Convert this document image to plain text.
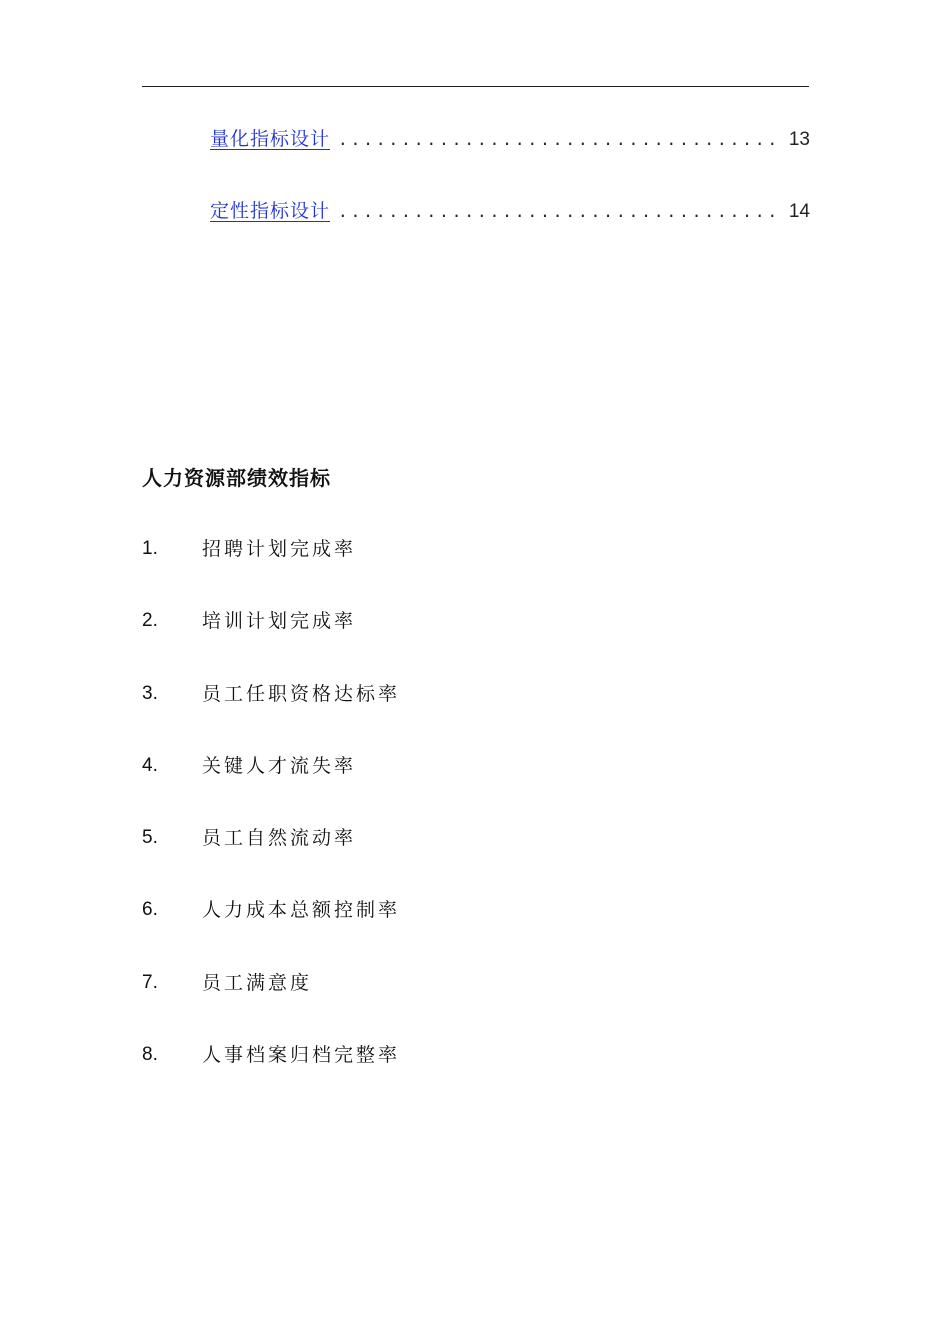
量化指标设计 .....	13
定性指标设计 .....	14
人力资源部绩效指标
1.	招聘计划完成率
2.	培训计划完成率
3.	员工任职资格达标率
4.	关键人才流失率
5.	员工自然流动率
6.	人力成本总额控制率
7.	员工满意度
8.	人事档案归档完整率
